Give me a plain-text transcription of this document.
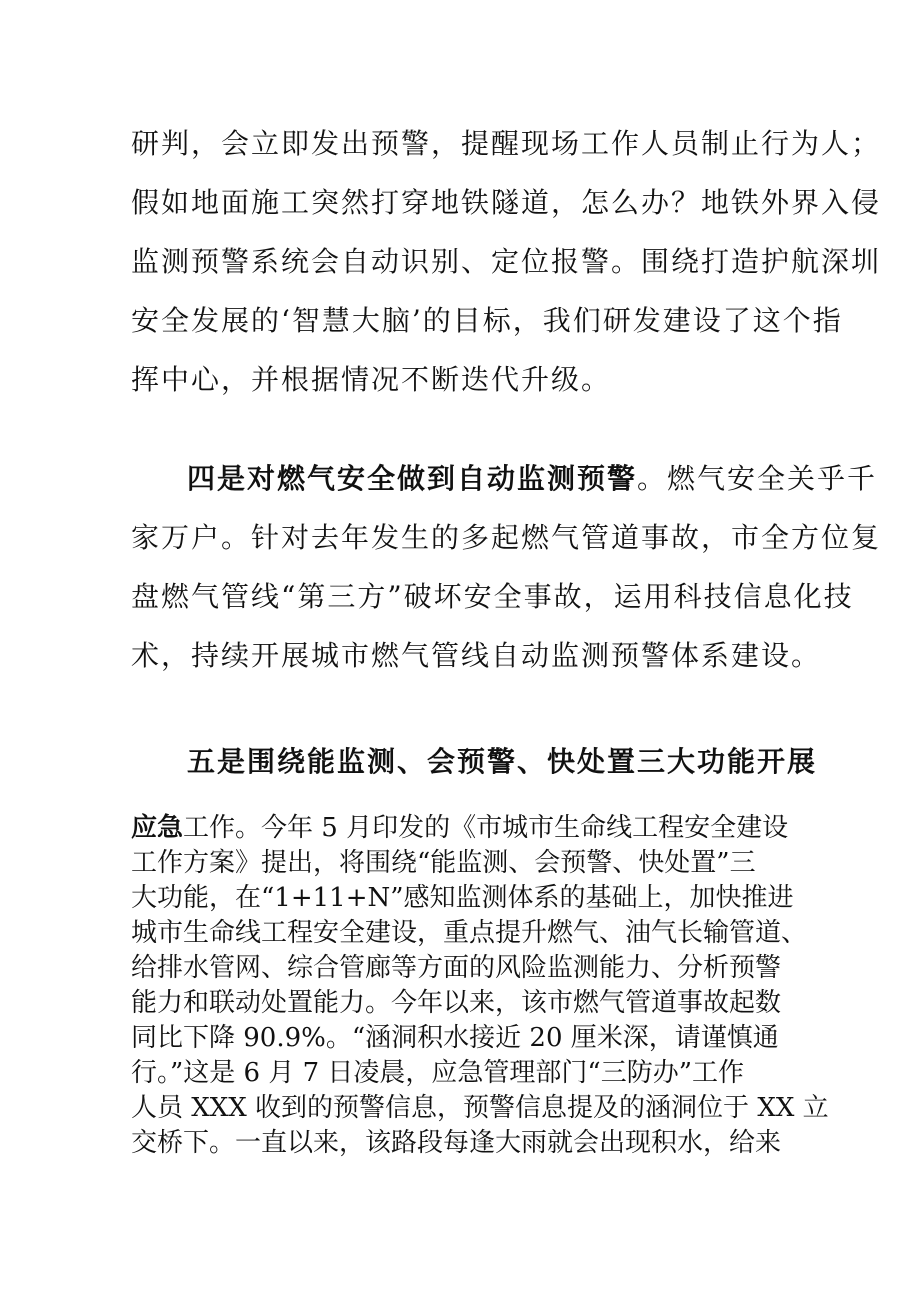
研判，会立即发出预警，提醒现场工作人员制止行为人；
假如地面施工突然打穿地铁隧道，怎么办？地铁外界入侵
监测预警系统会自动识别、定位报警。围绕打造护航深圳
安全发展的‘智慧大脑’的目标，我们研发建设了这个指
挥中心，并根据情况不断迭代升级。
四是对燃气安全做到自动监测预警。燃气安全关乎千
家万户。针对去年发生的多起燃气管道事故，市全方位复
盘燃气管线“第三方”破坏安全事故，运用科技信息化技
术，持续开展城市燃气管线自动监测预警体系建设。
五是围绕能监测、会预警、快处置三大功能开展
应急工作。今年 5 月印发的《市城市生命线工程安全建设
工作方案》提出，将围绕“能监测、会预警、快处置”三
大功能，在“1+11+N”感知监测体系的基础上，加快推进
城市生命线工程安全建设，重点提升燃气、油气长输管道、
给排水管网、综合管廊等方面的风险监测能力、分析预警
能力和联动处置能力。今年以来，该市燃气管道事故起数
同比下降 90.9%。“涵洞积水接近 20 厘米深，请谨慎通
行。”这是 6 月 7 日凌晨，应急管理部门“三防办”工作
人员 XXX 收到的预警信息，预警信息提及的涵洞位于 XX 立
交桥下。一直以来，该路段每逢大雨就会出现积水，给来
